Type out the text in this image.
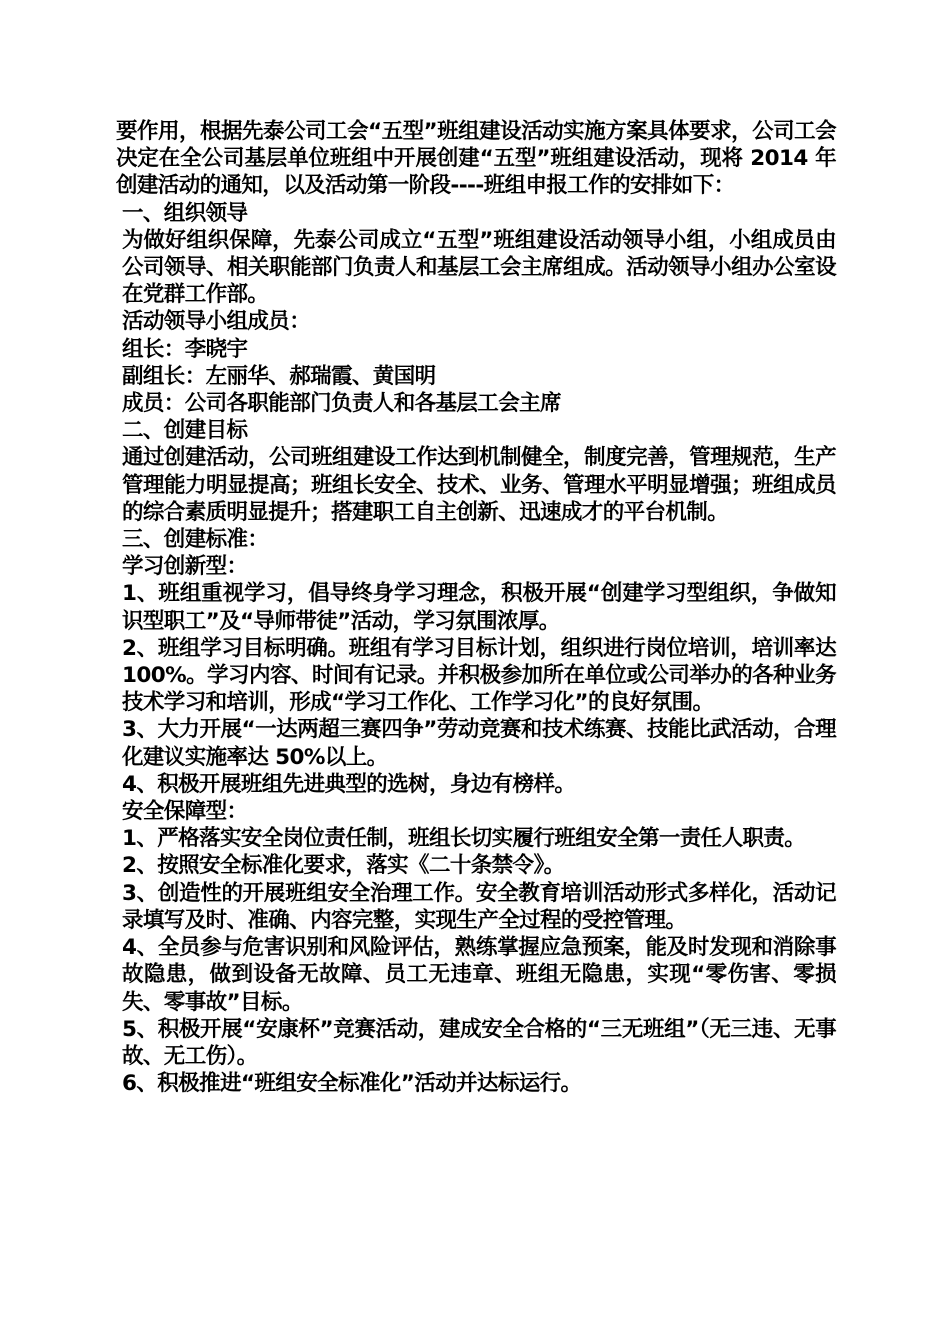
要作用，根据先泰公司工会“五型”班组建设活动实施方案具体要求，公司工会决定在全公司基层单位班组中开展创建“五型”班组建设活动，现将 2014 年创建活动的通知，以及活动第一阶段----班组申报工作的安排如下：

一、组织领导

为做好组织保障，先泰公司成立“五型”班组建设活动领导小组，小组成员由公司领导、相关职能部门负责人和基层工会主席组成。活动领导小组办公室设在党群工作部。

活动领导小组成员：

组长：李晓宇

副组长：左丽华、郝瑞霞、黄国明

成员：公司各职能部门负责人和各基层工会主席

二、创建目标

通过创建活动，公司班组建设工作达到机制健全，制度完善，管理规范，生产管理能力明显提高；班组长安全、技术、业务、管理水平明显增强；班组成员的综合素质明显提升；搭建职工自主创新、迅速成才的平台机制。

三、创建标准：

学习创新型：

1、班组重视学习，倡导终身学习理念，积极开展“创建学习型组织，争做知识型职工”及“导师带徒”活动，学习氛围浓厚。

2、班组学习目标明确。班组有学习目标计划，组织进行岗位培训，培训率达 100%。学习内容、时间有记录。并积极参加所在单位或公司举办的各种业务技术学习和培训，形成“学习工作化、工作学习化”的良好氛围。

3、大力开展“一达两超三赛四争”劳动竞赛和技术练赛、技能比武活动，合理化建议实施率达 50%以上。

4、积极开展班组先进典型的选树，身边有榜样。

安全保障型：

1、严格落实安全岗位责任制，班组长切实履行班组安全第一责任人职责。

2、按照安全标准化要求，落实《二十条禁令》。

3、创造性的开展班组安全治理工作。安全教育培训活动形式多样化，活动记录填写及时、准确、内容完整，实现生产全过程的受控管理。

4、全员参与危害识别和风险评估，熟练掌握应急预案，能及时发现和消除事故隐患，做到设备无故障、员工无违章、班组无隐患，实现“零伤害、零损失、零事故”目标。

5、积极开展“安康杯”竞赛活动，建成安全合格的“三无班组”（无三违、无事故、无工伤）。

6、积极推进“班组安全标准化”活动并达标运行。
